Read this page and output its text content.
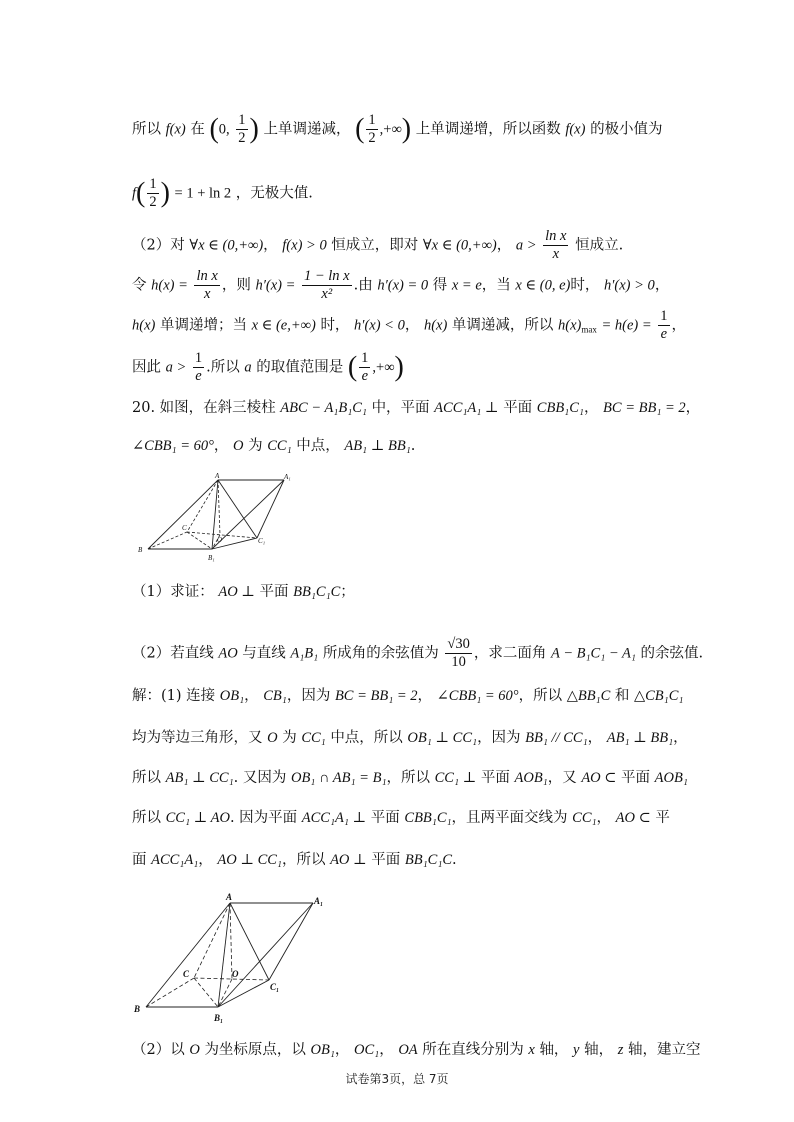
所以 f(x) 在 (0, $\frac{1}{2}$ ) 上单调递减， ( $\frac{1}{2}$ ,+∞) 上单调递增，所以函数 f(x) 的极小值为
$f( \frac{1}{2}$ ) = 1 + ln 2 ，无极大值.
（2）对 ∀x ∈ (0,+∞)， f(x) > 0 恒成立，即对 ∀x ∈ (0,+∞)， $a > \frac{\text{ln x}}{x}$ 恒成立.
令 $h(x) = \frac{\text{ln x}}{x}$ ，则 $h'(x) = \frac{\text{1 − ln x}}{\text{x²}}$ .由 h′(x) = 0 得 x = e，当 x ∈ (0, e)时， h′(x) > 0，
h(x) 单调递增；当 x ∈ (e,+∞) 时， h′(x) < 0， h(x) 单调递减，所以 $h(x)_{max} = h(e) = \frac{1}{e}$ ，
因此 $a > \frac{1}{e}$ .所以 a 的取值范围是 ( $\frac{1}{e}$ ,+∞)
20. 如图，在斜三棱柱 ABC − A₁B₁C₁ 中，平面 ACC₁A₁ ⊥ 平面 CBB₁C₁， BC = BB₁ = 2，
∠CBB₁ = 60°， O 为 CC₁ 中点， AB₁ ⊥ BB₁.
A	A₁
B
B₁
C
C₁
O
（1）求证： AO ⊥ 平面 BB₁C₁C；
（2）若直线 AO 与直线 A₁B₁ 所成角的余弦值为 $\frac{√30}{10}$ ，求二面角 A − B₁C₁ − A₁ 的余弦值.
解：(1) 连接 OB₁， CB₁，因为 BC = BB₁ = 2， ∠CBB₁ = 60°，所以 △BB₁C 和 △CB₁C₁
均为等边三角形，又 O 为 CC₁ 中点，所以 OB₁ ⊥ CC₁，因为 BB₁ // CC₁， AB₁ ⊥ BB₁，
所以 AB₁ ⊥ CC₁. 又因为 OB₁ ∩ AB₁ = B₁，所以 CC₁ ⊥ 平面 AOB₁，又 AO ⊂ 平面 AOB₁
所以 CC₁ ⊥ AO. 因为平面 ACC₁A₁ ⊥ 平面 CBB₁C₁，且两平面交线为 CC₁， AO ⊂ 平
面 ACC₁A₁， AO ⊥ CC₁，所以 AO ⊥ 平面 BB₁C₁C.
A	A₁
B
B₁
C
C₁
O
（2）以 O 为坐标原点，以 OB₁， OC₁， OA 所在直线分别为 x 轴， y 轴， z 轴，建立空
试卷第3页，总 7页
